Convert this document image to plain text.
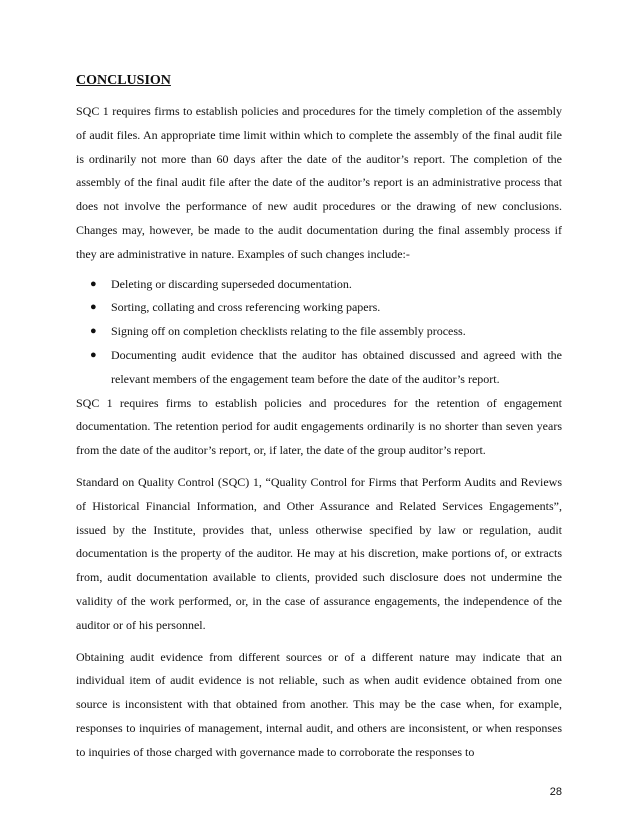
CONCLUSION

SQC 1 requires firms to establish policies and procedures for the timely completion of the assembly of audit files. An appropriate time limit within which to complete the assembly of the final audit file is ordinarily not more than 60 days after the date of the auditor’s report. The completion of the assembly of the final audit file after the date of the auditor’s report is an administrative process that does not involve the performance of new audit procedures or the drawing of new conclusions. Changes may, however, be made to the audit documentation during the final assembly process if they are administrative in nature. Examples of such changes include:-

● Deleting or discarding superseded documentation.
● Sorting, collating and cross referencing working papers.
● Signing off on completion checklists relating to the file assembly process.
● Documenting audit evidence that the auditor has obtained discussed and agreed with the relevant members of the engagement team before the date of the auditor’s report.

SQC 1 requires firms to establish policies and procedures for the retention of engagement documentation. The retention period for audit engagements ordinarily is no shorter than seven years from the date of the auditor’s report, or, if later, the date of the group auditor’s report.

Standard on Quality Control (SQC) 1, “Quality Control for Firms that Perform Audits and Reviews of Historical Financial Information, and Other Assurance and Related Services Engagements”, issued by the Institute, provides that, unless otherwise specified by law or regulation, audit documentation is the property of the auditor. He may at his discretion, make portions of, or extracts from, audit documentation available to clients, provided such disclosure does not undermine the validity of the work performed, or, in the case of assurance engagements, the independence of the auditor or of his personnel.

Obtaining audit evidence from different sources or of a different nature may indicate that an individual item of audit evidence is not reliable, such as when audit evidence obtained from one source is inconsistent with that obtained from another. This may be the case when, for example, responses to inquiries of management, internal audit, and others are inconsistent, or when responses to inquiries of those charged with governance made to corroborate the responses to

28
